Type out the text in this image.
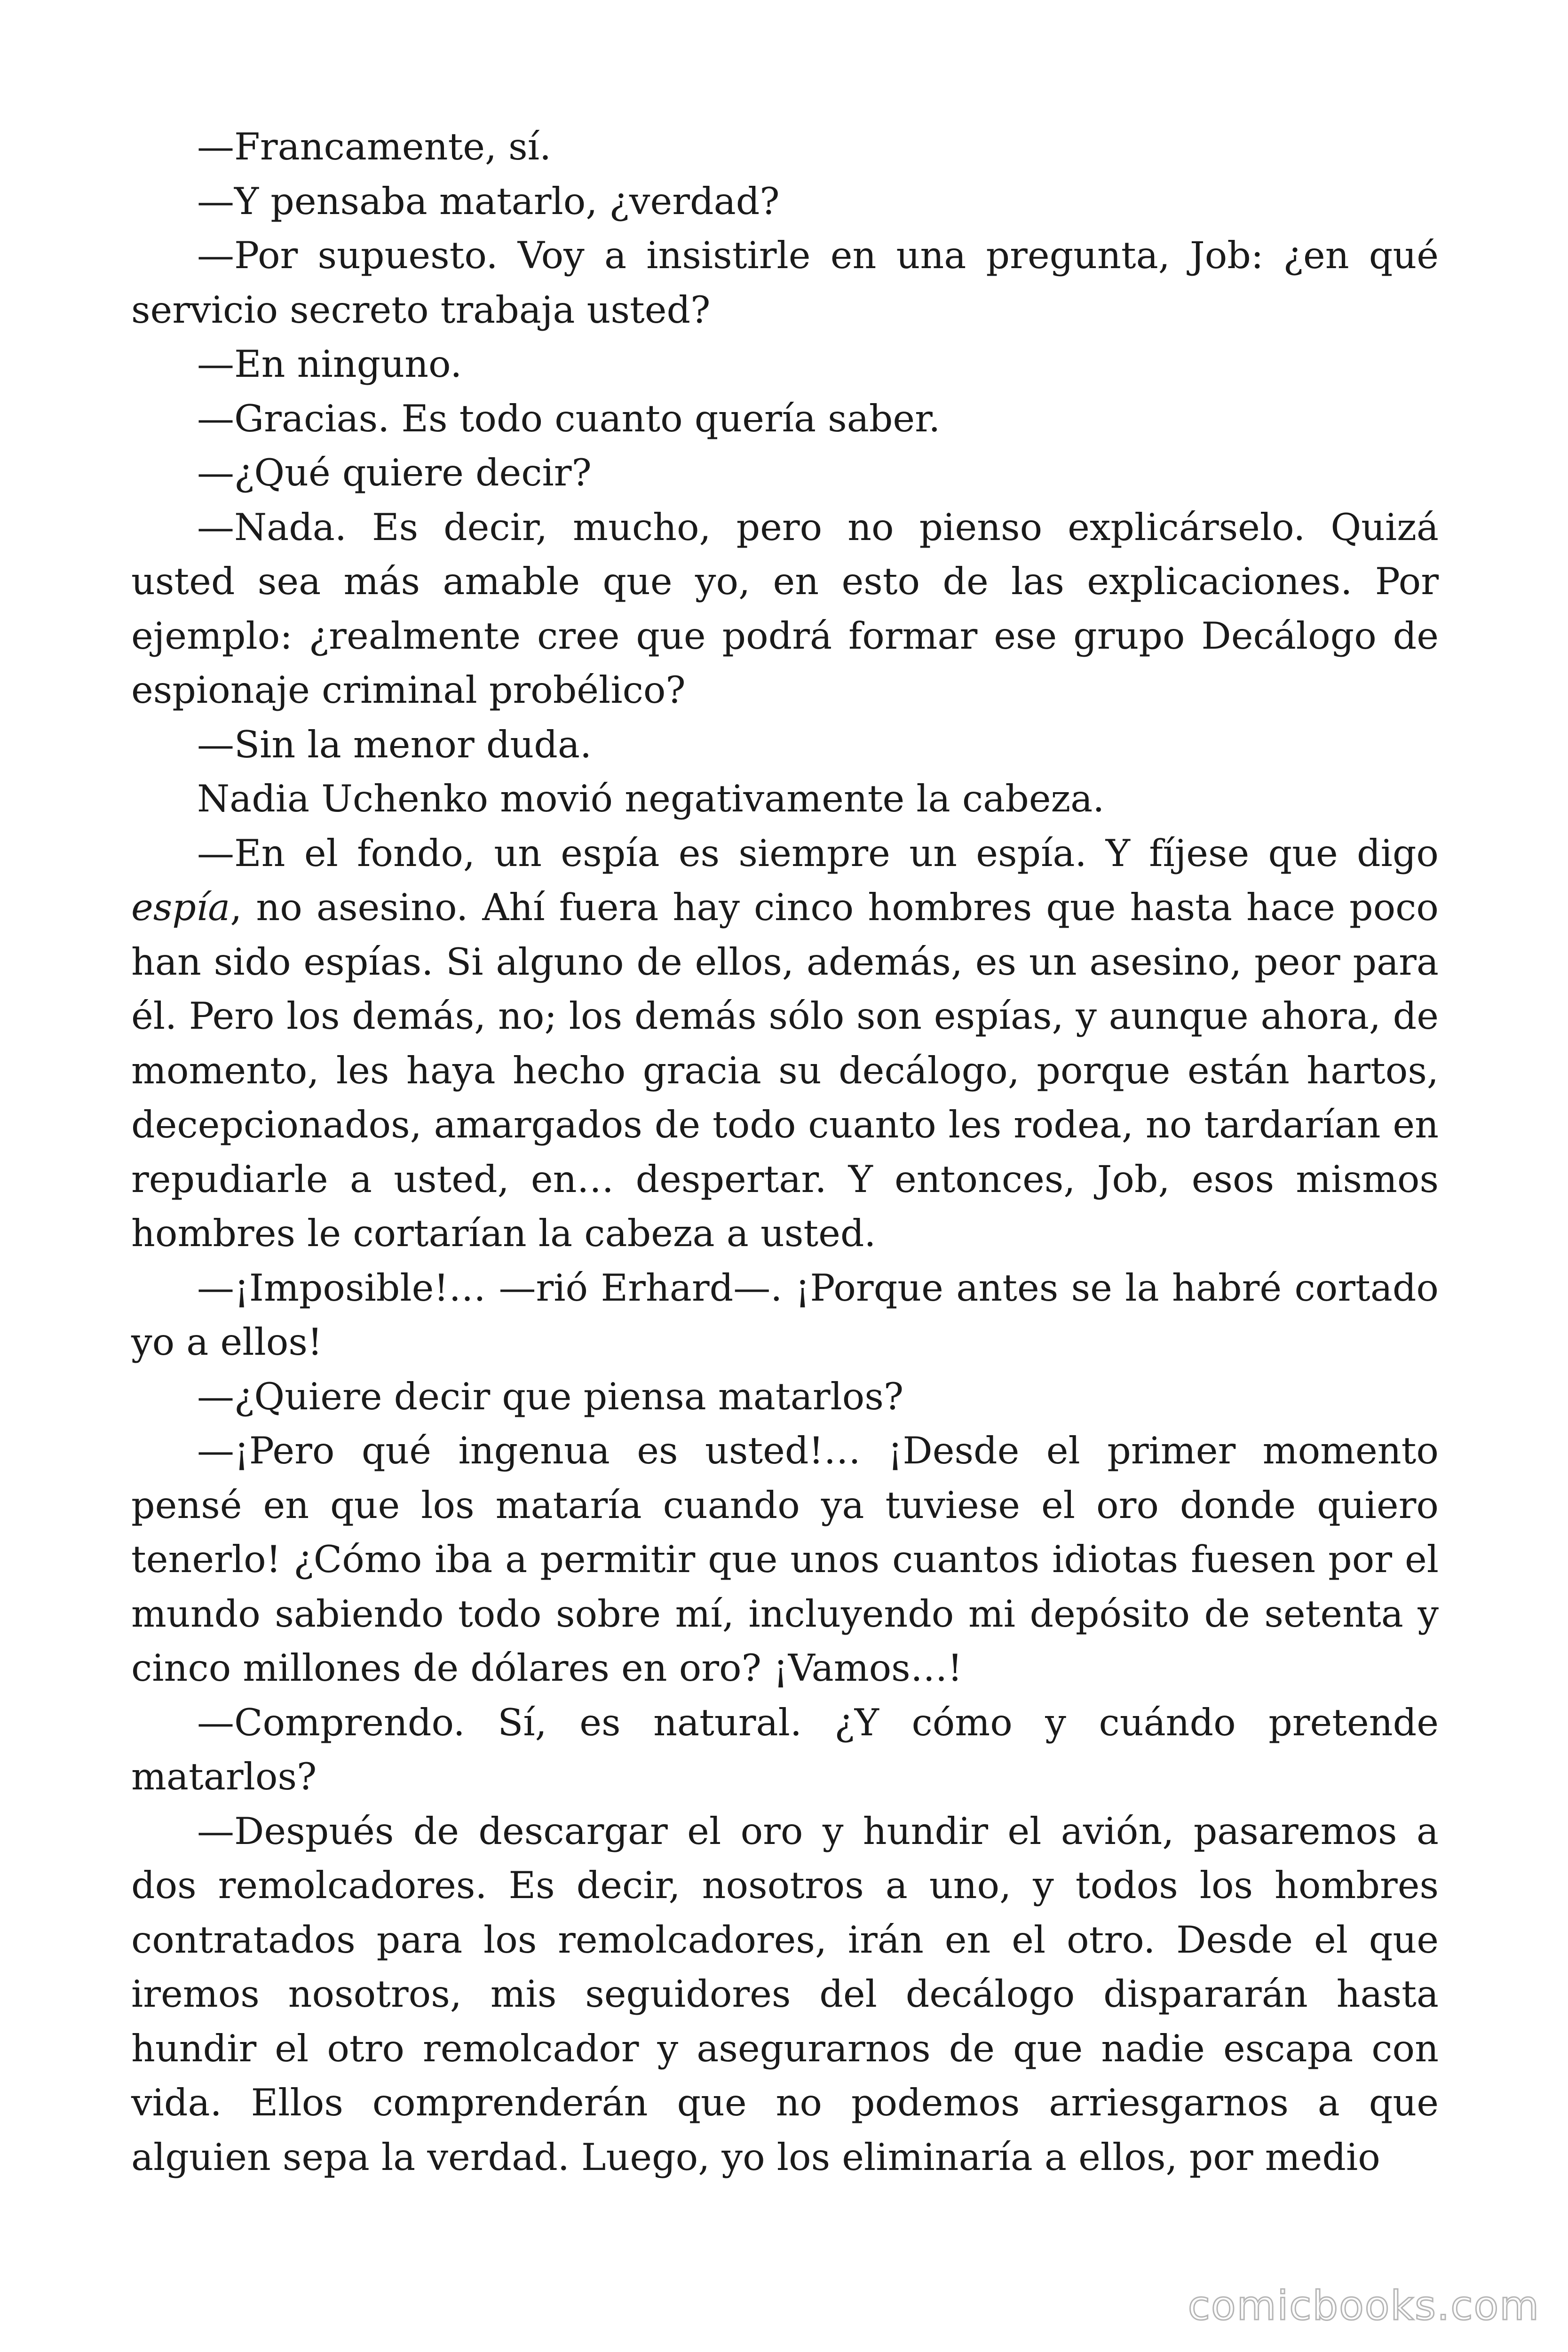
—Francamente, sí.

—Y pensaba matarlo, ¿verdad?

—Por supuesto. Voy a insistirle en una pregunta, Job: ¿en qué servicio secreto trabaja usted?

—En ninguno.

—Gracias. Es todo cuanto quería saber.

—¿Qué quiere decir?

—Nada. Es decir, mucho, pero no pienso explicárselo. Quizá usted sea más amable que yo, en esto de las explicaciones. Por ejemplo: ¿realmente cree que podrá formar ese grupo Decálogo de espionaje criminal probélico?

—Sin la menor duda.

Nadia Uchenko movió negativamente la cabeza.

—En el fondo, un espía es siempre un espía. Y fíjese que digo espía, no asesino. Ahí fuera hay cinco hombres que hasta hace poco han sido espías. Si alguno de ellos, además, es un asesino, peor para él. Pero los demás, no; los demás sólo son espías, y aunque ahora, de momento, les haya hecho gracia su decálogo, porque están hartos, decepcionados, amargados de todo cuanto les rodea, no tardarían en repudiarle a usted, en… despertar. Y entonces, Job, esos mismos hombres le cortarían la cabeza a usted.

—¡Imposible!… —rió Erhard—. ¡Porque antes se la habré cortado yo a ellos!

—¿Quiere decir que piensa matarlos?

—¡Pero qué ingenua es usted!… ¡Desde el primer momento pensé en que los mataría cuando ya tuviese el oro donde quiero tenerlo! ¿Cómo iba a permitir que unos cuantos idiotas fuesen por el mundo sabiendo todo sobre mí, incluyendo mi depósito de setenta y cinco millones de dólares en oro? ¡Vamos…!

—Comprendo. Sí, es natural. ¿Y cómo y cuándo pretende matarlos?

—Después de descargar el oro y hundir el avión, pasaremos a dos remolcadores. Es decir, nosotros a uno, y todos los hombres contratados para los remolcadores, irán en el otro. Desde el que iremos nosotros, mis seguidores del decálogo dispararán hasta hundir el otro remolcador y asegurarnos de que nadie escapa con vida. Ellos comprenderán que no podemos arriesgarnos a que alguien sepa la verdad. Luego, yo los eliminaría a ellos, por medio

comicbooks.com
